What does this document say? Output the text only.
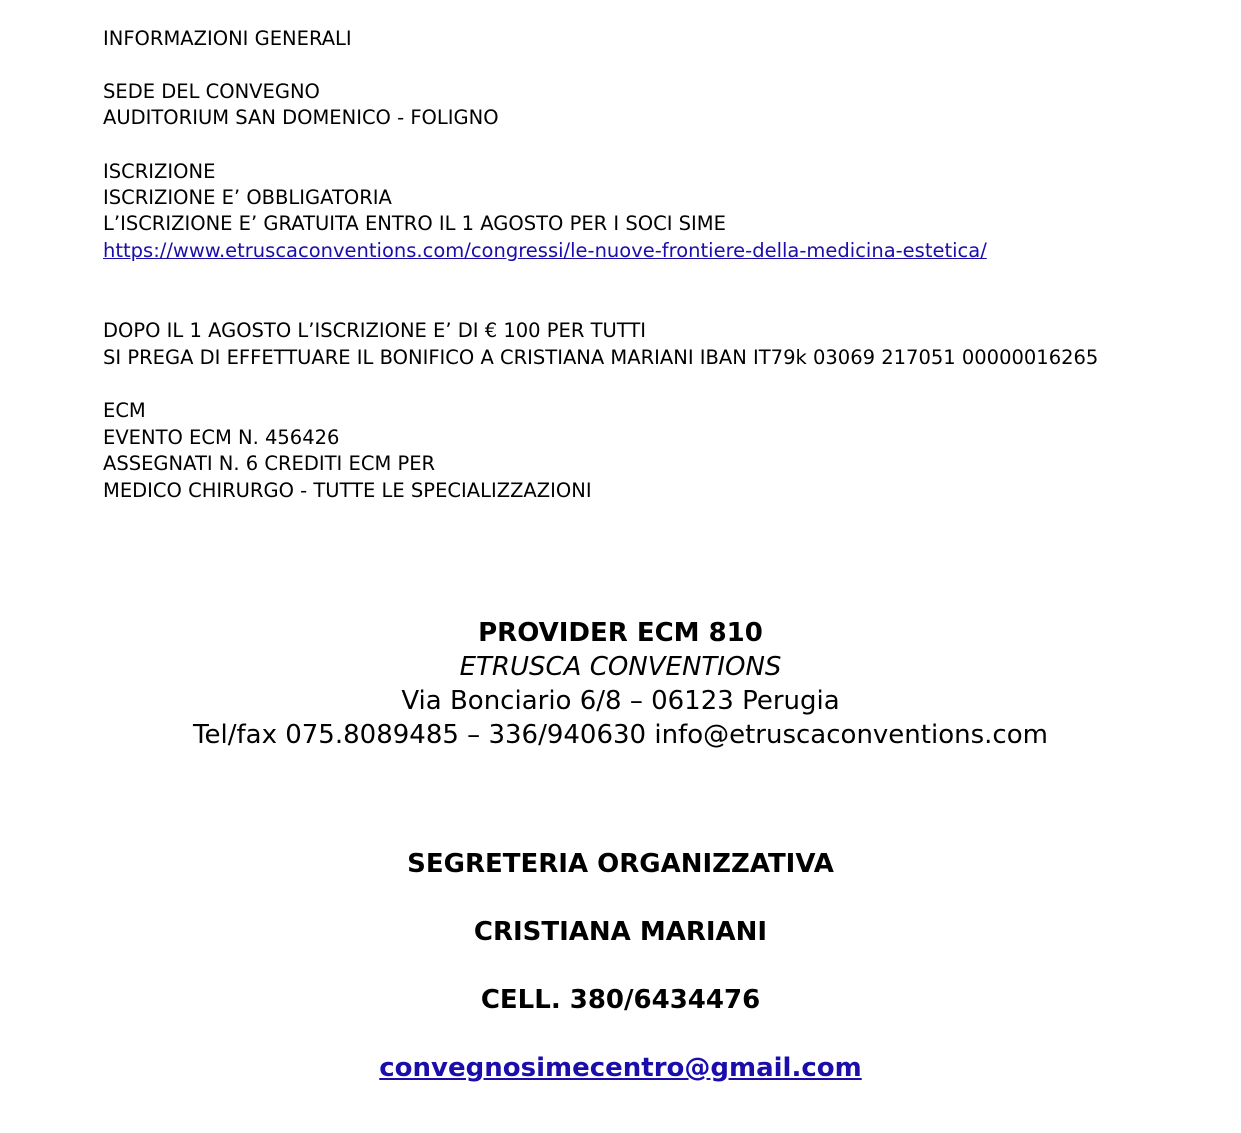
INFORMAZIONI GENERALI
SEDE DEL CONVEGNO
AUDITORIUM SAN DOMENICO - FOLIGNO
ISCRIZIONE
ISCRIZIONE E’ OBBLIGATORIA
L’ISCRIZIONE E’ GRATUITA ENTRO IL 1 AGOSTO PER I SOCI SIME
https://www.etruscaconventions.com/congressi/le-nuove-frontiere-della-medicina-estetica/
DOPO IL 1 AGOSTO L’ISCRIZIONE E’ DI € 100 PER TUTTI
SI PREGA DI EFFETTUARE IL BONIFICO A CRISTIANA MARIANI IBAN IT79k 03069 217051 00000016265
ECM
EVENTO ECM N. 456426
ASSEGNATI N. 6 CREDITI ECM PER
MEDICO CHIRURGO - TUTTE LE SPECIALIZZAZIONI
PROVIDER ECM 810
ETRUSCA CONVENTIONS
Via Bonciario 6/8 – 06123 Perugia
Tel/fax 075.8089485 – 336/940630 info@etruscaconventions.com
SEGRETERIA ORGANIZZATIVA
CRISTIANA MARIANI
CELL. 380/6434476
convegnosimecentro@gmail.com
